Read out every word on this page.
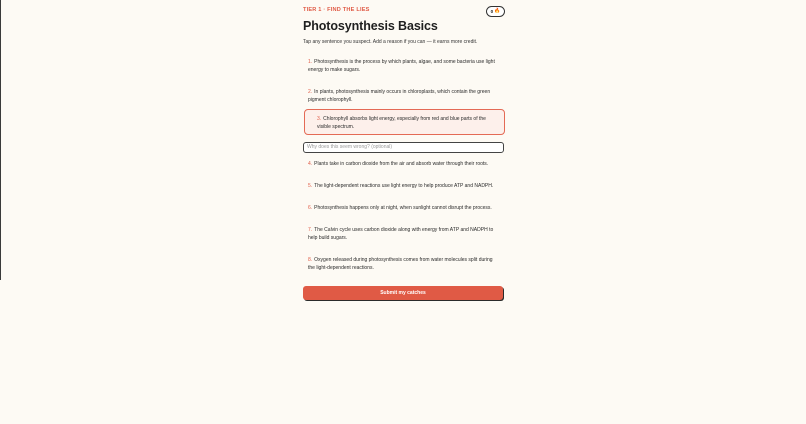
TIER 1 · FIND THE LIES	0 🔥
Photosynthesis Basics
Tap any sentence you suspect. Add a reason if you can — it earns more credit.
1. Photosynthesis is the process by which plants, algae, and some bacteria use light energy to make sugars.
2. In plants, photosynthesis mainly occurs in chloroplasts, which contain the green pigment chlorophyll.
3. Chlorophyll absorbs light energy, especially from red and blue parts of the visible spectrum.
Why does this seem wrong? (optional)
4. Plants take in carbon dioxide from the air and absorb water through their roots.
5. The light-dependent reactions use light energy to help produce ATP and NADPH.
6. Photosynthesis happens only at night, when sunlight cannot disrupt the process.
7. The Calvin cycle uses carbon dioxide along with energy from ATP and NADPH to help build sugars.
8. Oxygen released during photosynthesis comes from water molecules split during the light-dependent reactions.
Submit my catches
